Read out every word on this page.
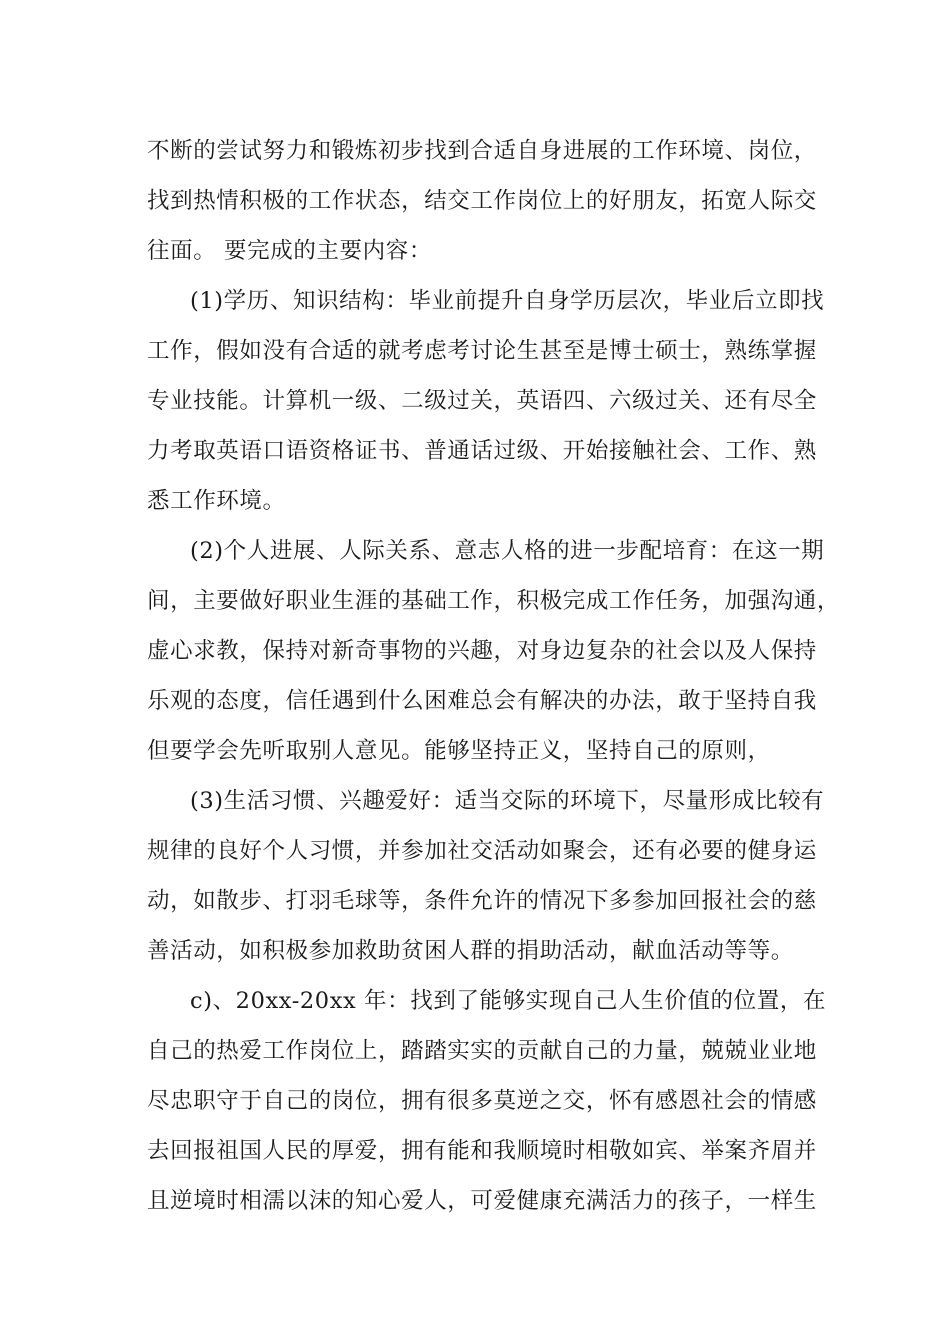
不断的尝试努力和锻炼初步找到合适自身进展的工作环境、岗位，
找到热情积极的工作状态，结交工作岗位上的好朋友，拓宽人际交
往面。 要完成的主要内容：
(1)学历、知识结构：毕业前提升自身学历层次，毕业后立即找
工作，假如没有合适的就考虑考讨论生甚至是博士硕士，熟练掌握
专业技能。计算机一级、二级过关，英语四、六级过关、还有尽全
力考取英语口语资格证书、普通话过级、开始接触社会、工作、熟
悉工作环境。
(2)个人进展、人际关系、意志人格的进一步配培育：在这一期
间，主要做好职业生涯的基础工作，积极完成工作任务，加强沟通，
虚心求教，保持对新奇事物的兴趣，对身边复杂的社会以及人保持
乐观的态度，信任遇到什么困难总会有解决的办法，敢于坚持自我
但要学会先听取别人意见。能够坚持正义，坚持自己的原则，
(3)生活习惯、兴趣爱好：适当交际的环境下，尽量形成比较有
规律的良好个人习惯，并参加社交活动如聚会，还有必要的健身运
动，如散步、打羽毛球等，条件允许的情况下多参加回报社会的慈
善活动，如积极参加救助贫困人群的捐助活动，献血活动等等。
c)、20xx-20xx 年：找到了能够实现自己人生价值的位置，在
自己的热爱工作岗位上，踏踏实实的贡献自己的力量，兢兢业业地
尽忠职守于自己的岗位，拥有很多莫逆之交，怀有感恩社会的情感
去回报祖国人民的厚爱，拥有能和我顺境时相敬如宾、举案齐眉并
且逆境时相濡以沫的知心爱人，可爱健康充满活力的孩子，一样生
